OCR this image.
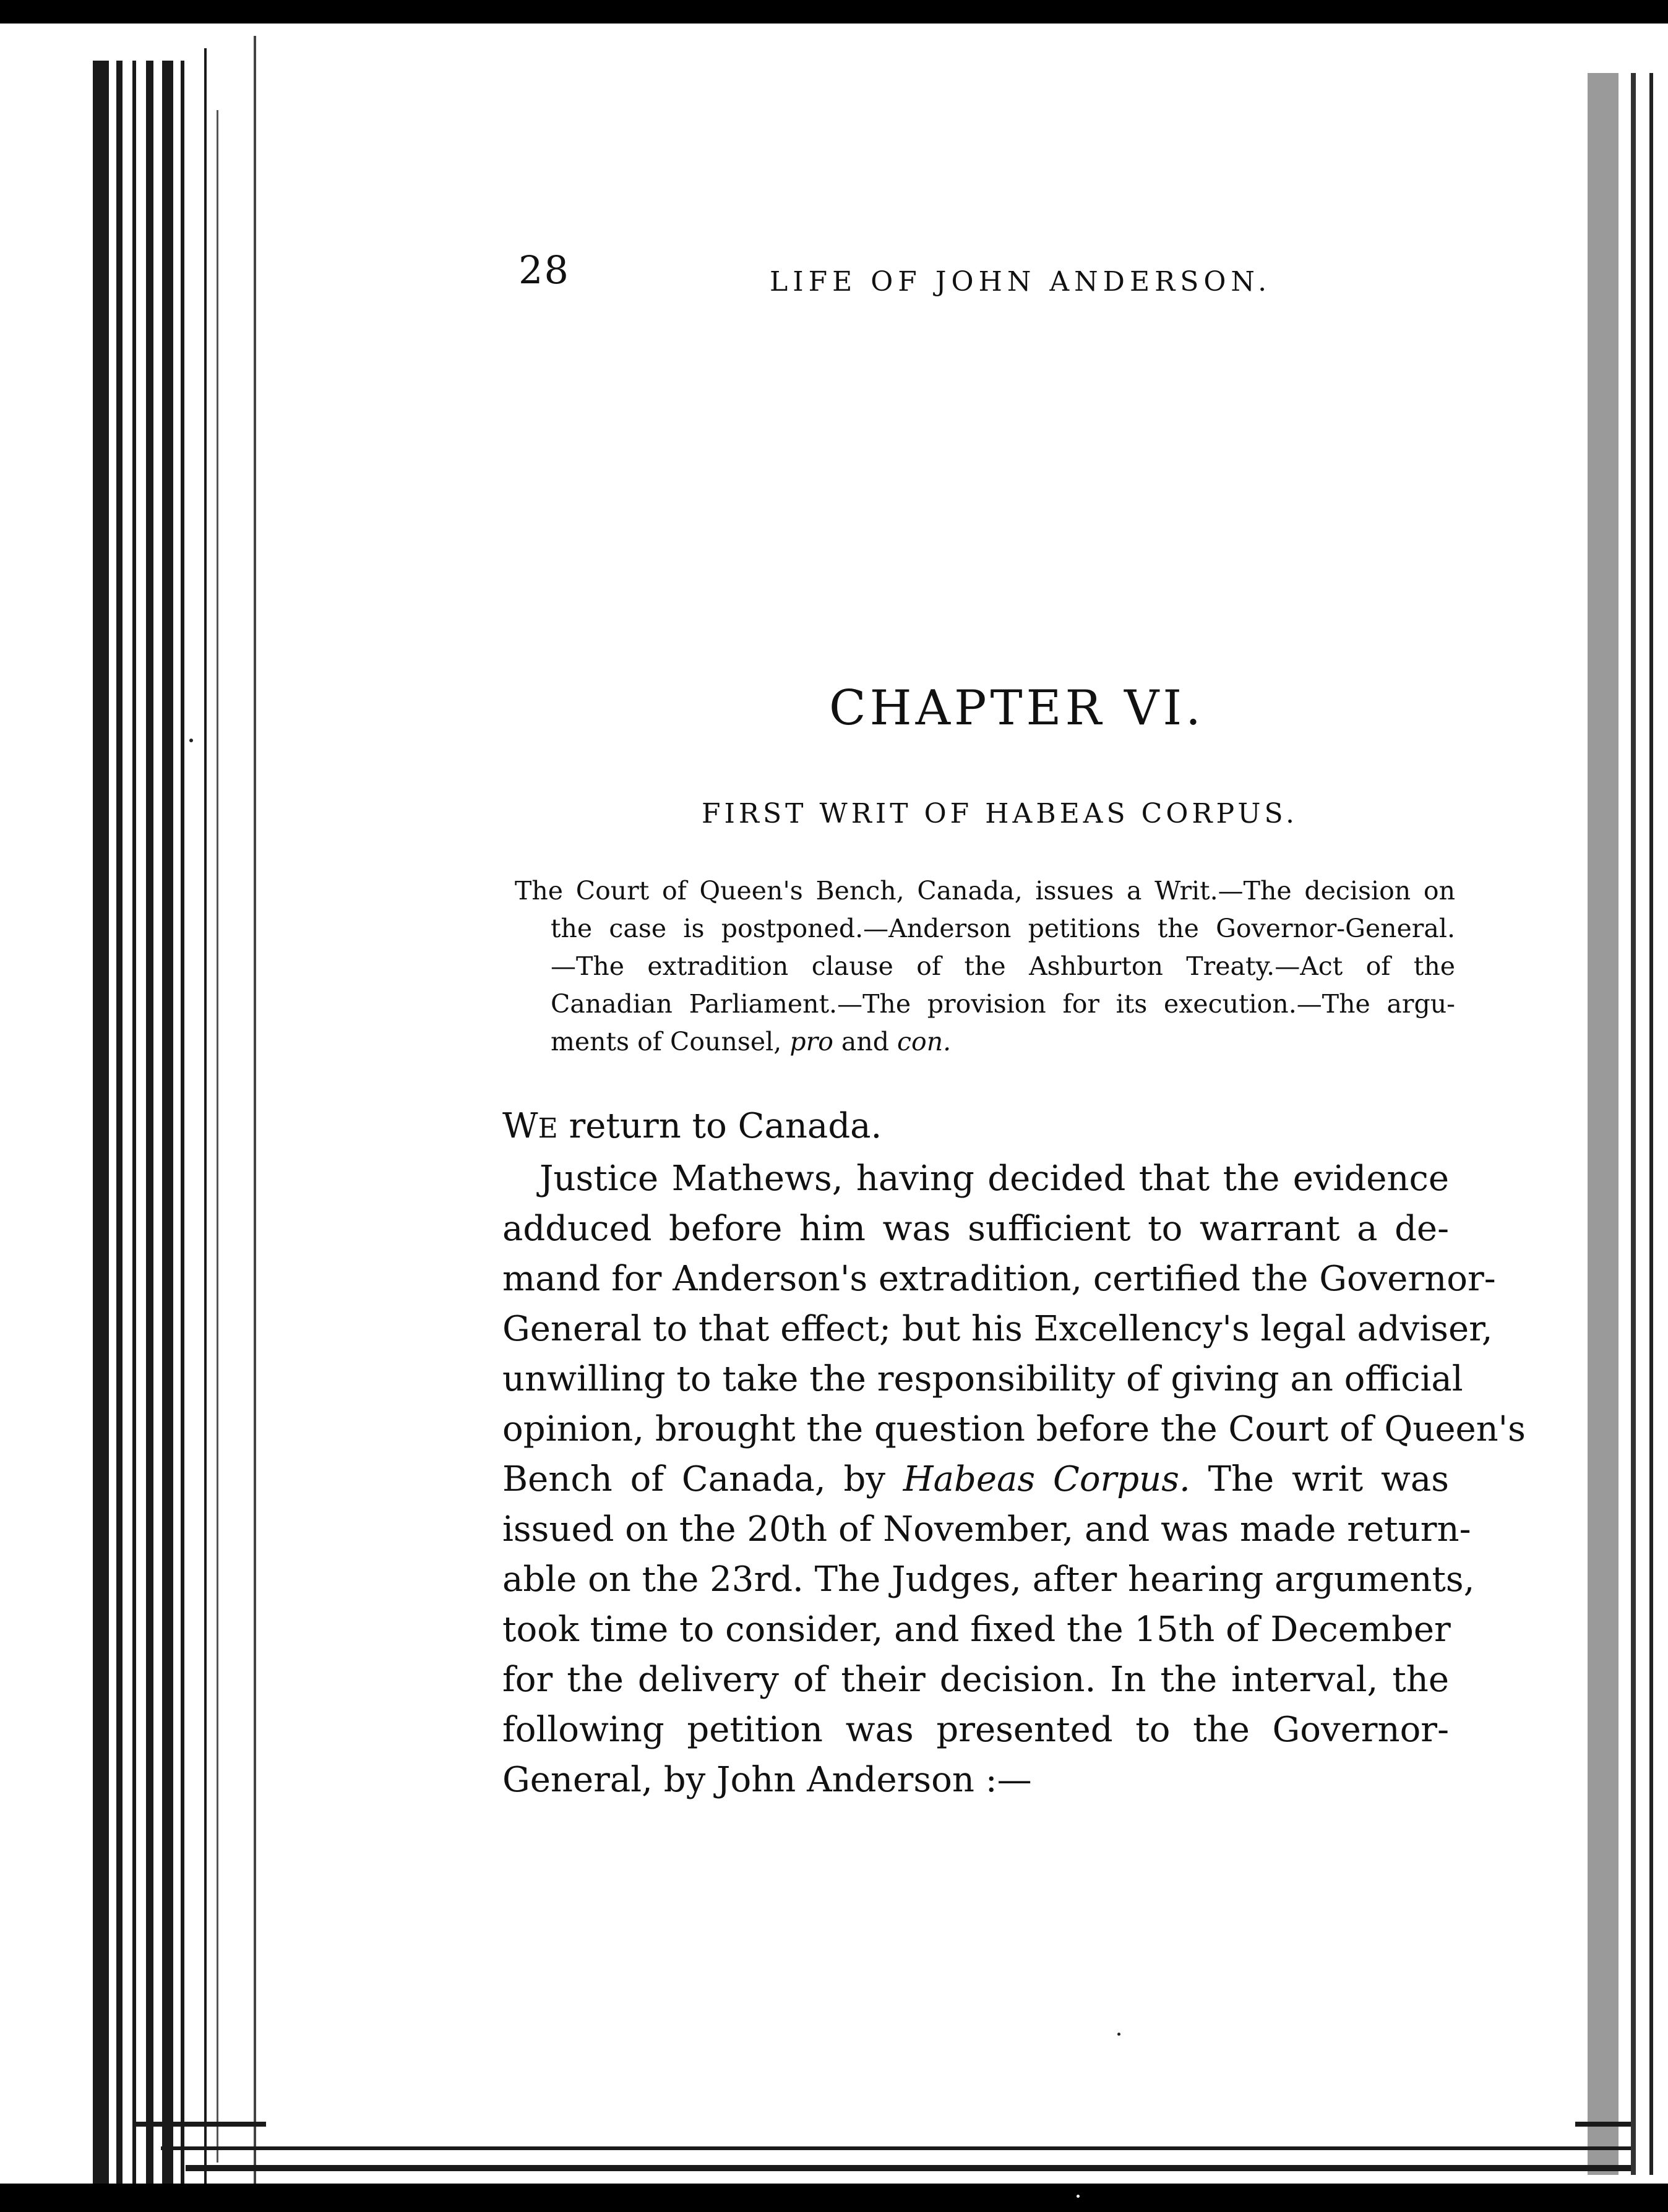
28	LIFE OF JOHN ANDERSON.
CHAPTER VI.
FIRST WRIT OF HABEAS CORPUS.
The Court of Queen's Bench, Canada, issues a Writ.—The decision on
the case is postponed.—Anderson petitions the Governor-General.
—The extradition clause of the Ashburton Treaty.—Act of the
Canadian Parliament.—The provision for its execution.—The argu-
ments of Counsel, pro and con.
WE return to Canada.
Justice Mathews, having decided that the evidence
adduced before him was sufficient to warrant a de-
mand for Anderson's extradition, certified the Governor-
General to that effect; but his Excellency's legal adviser,
unwilling to take the responsibility of giving an official
opinion, brought the question before the Court of Queen's
Bench of Canada, by Habeas Corpus. The writ was
issued on the 20th of November, and was made return-
able on the 23rd. The Judges, after hearing arguments,
took time to consider, and fixed the 15th of December
for the delivery of their decision. In the interval, the
following petition was presented to the Governor-
General, by John Anderson :—
